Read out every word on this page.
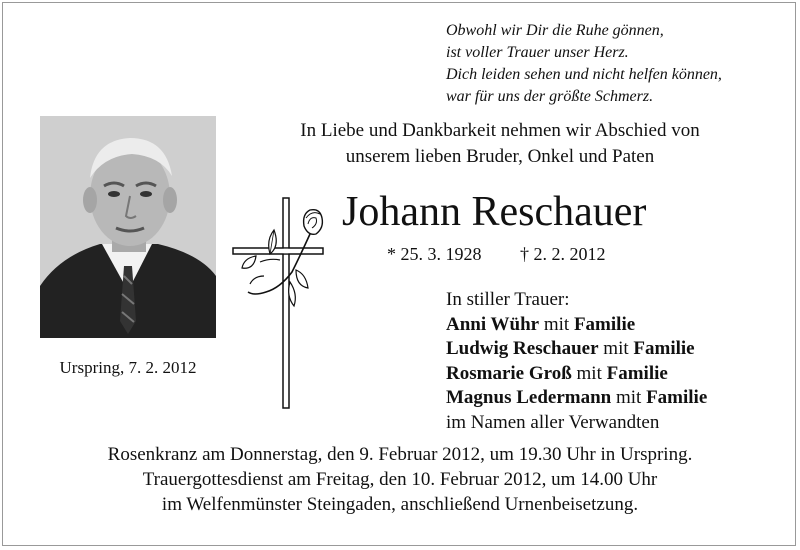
Obwohl wir Dir die Ruhe gönnen,
ist voller Trauer unser Herz.
Dich leiden sehen und nicht helfen können,
war für uns der größte Schmerz.
Urspring, 7. 2. 2012
In Liebe und Dankbarkeit nehmen wir Abschied von
unserem lieben Bruder, Onkel und Paten
Johann Reschauer
* 25. 3. 1928 † 2. 2. 2012
In stiller Trauer:
Anni Wühr mit Familie
Ludwig Reschauer mit Familie
Rosmarie Groß mit Familie
Magnus Ledermann mit Familie
im Namen aller Verwandten
Rosenkranz am Donnerstag, den 9. Februar 2012, um 19.30 Uhr in Urspring.
Trauergottesdienst am Freitag, den 10. Februar 2012, um 14.00 Uhr
im Welfenmünster Steingaden, anschließend Urnenbeisetzung.
